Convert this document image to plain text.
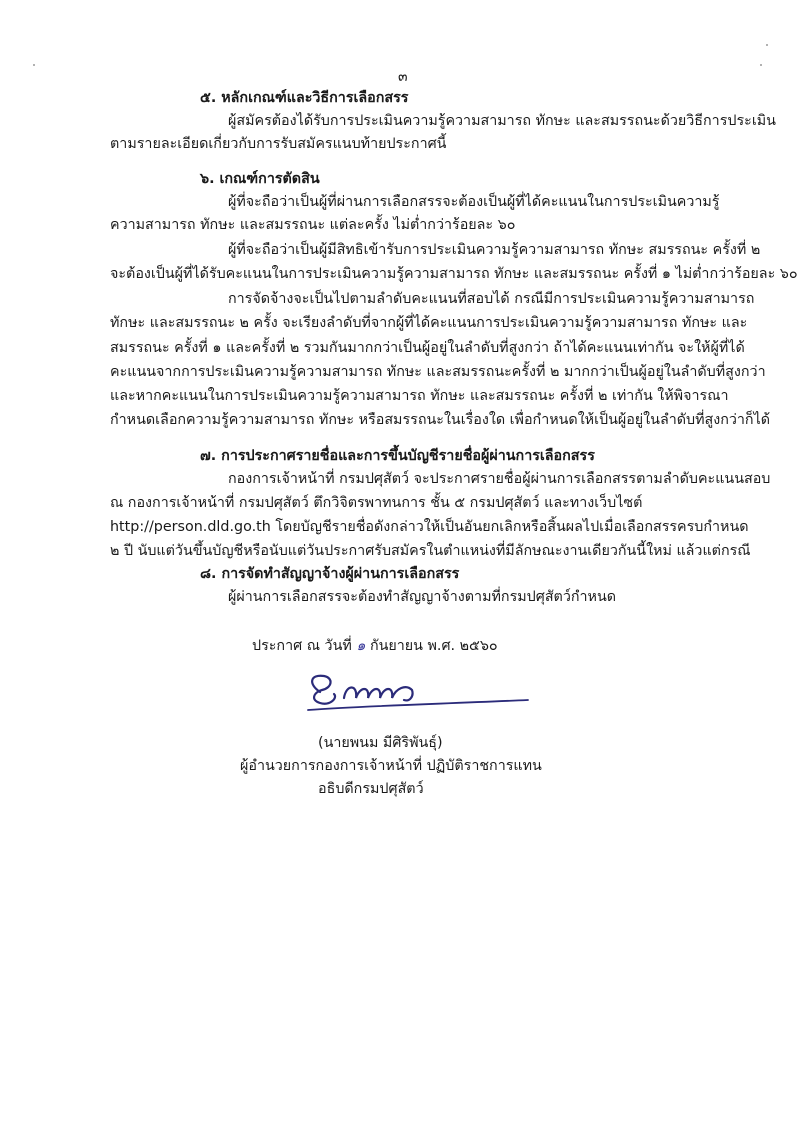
๓
๕. หลักเกณฑ์และวิธีการเลือกสรร
ผู้สมัครต้องได้รับการประเมินความรู้ความสามารถ ทักษะ และสมรรถนะด้วยวิธีการประเมิน
ตามรายละเอียดเกี่ยวกับการรับสมัครแนบท้ายประกาศนี้
๖. เกณฑ์การตัดสิน
ผู้ที่จะถือว่าเป็นผู้ที่ผ่านการเลือกสรรจะต้องเป็นผู้ที่ได้คะแนนในการประเมินความรู้
ความสามารถ ทักษะ และสมรรถนะ แต่ละครั้ง ไม่ต่ำกว่าร้อยละ ๖๐
ผู้ที่จะถือว่าเป็นผู้มีสิทธิเข้ารับการประเมินความรู้ความสามารถ ทักษะ สมรรถนะ ครั้งที่ ๒
จะต้องเป็นผู้ที่ได้รับคะแนนในการประเมินความรู้ความสามารถ ทักษะ และสมรรถนะ ครั้งที่ ๑ ไม่ต่ำกว่าร้อยละ ๖๐
การจัดจ้างจะเป็นไปตามลำดับคะแนนที่สอบได้ กรณีมีการประเมินความรู้ความสามารถ
ทักษะ และสมรรถนะ ๒ ครั้ง จะเรียงลำดับที่จากผู้ที่ได้คะแนนการประเมินความรู้ความสามารถ ทักษะ และ
สมรรถนะ ครั้งที่ ๑ และครั้งที่ ๒ รวมกันมากกว่าเป็นผู้อยู่ในลำดับที่สูงกว่า ถ้าได้คะแนนเท่ากัน จะให้ผู้ที่ได้
คะแนนจากการประเมินความรู้ความสามารถ ทักษะ และสมรรถนะครั้งที่ ๒ มากกว่าเป็นผู้อยู่ในลำดับที่สูงกว่า
และหากคะแนนในการประเมินความรู้ความสามารถ ทักษะ และสมรรถนะ ครั้งที่ ๒ เท่ากัน ให้พิจารณา
กำหนดเลือกความรู้ความสามารถ ทักษะ หรือสมรรถนะในเรื่องใด เพื่อกำหนดให้เป็นผู้อยู่ในลำดับที่สูงกว่าก็ได้
๗. การประกาศรายชื่อและการขึ้นบัญชีรายชื่อผู้ผ่านการเลือกสรร
กองการเจ้าหน้าที่ กรมปศุสัตว์ จะประกาศรายชื่อผู้ผ่านการเลือกสรรตามลำดับคะแนนสอบ
ณ กองการเจ้าหน้าที่ กรมปศุสัตว์ ตึกวิจิตรพาทนการ ชั้น ๕ กรมปศุสัตว์ และทางเว็บไซต์
http://person.dld.go.th โดยบัญชีรายชื่อดังกล่าวให้เป็นอันยกเลิกหรือสิ้นผลไปเมื่อเลือกสรรครบกำหนด
๒ ปี นับแต่วันขึ้นบัญชีหรือนับแต่วันประกาศรับสมัครในตำแหน่งที่มีลักษณะงานเดียวกันนี้ใหม่ แล้วแต่กรณี
๘. การจัดทำสัญญาจ้างผู้ผ่านการเลือกสรร
ผู้ผ่านการเลือกสรรจะต้องทำสัญญาจ้างตามที่กรมปศุสัตว์กำหนด
ประกาศ ณ วันที่ ๑ กันยายน พ.ศ. ๒๕๖๐
(นายพนม มีศิริพันธุ์)
ผู้อำนวยการกองการเจ้าหน้าที่ ปฏิบัติราชการแทน
อธิบดีกรมปศุสัตว์
